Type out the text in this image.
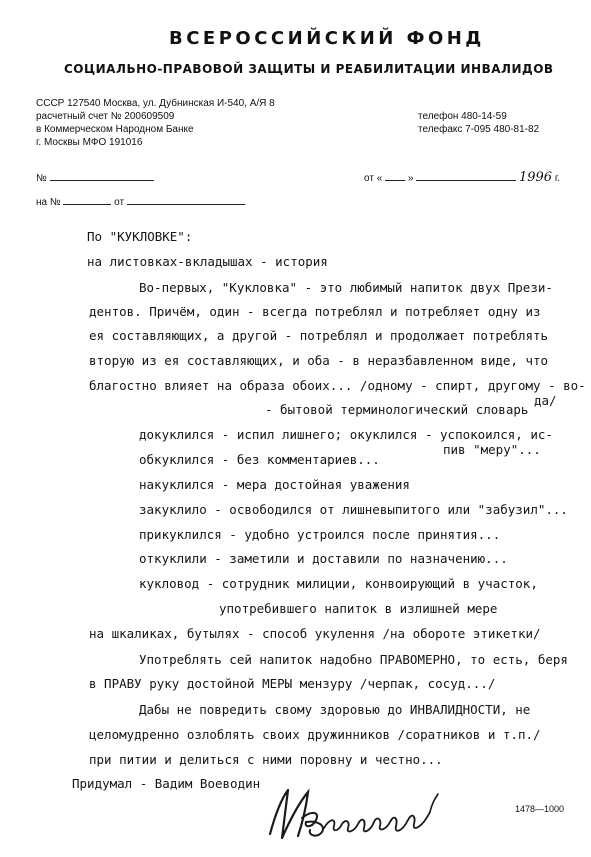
ВСЕРОССИЙСКИЙ ФОНД
СОЦИАЛЬНО-ПРАВОВОЙ ЗАЩИТЫ И РЕАБИЛИТАЦИИ ИНВАЛИДОВ
СССР 127540 Москва, ул. Дубнинская И-540, А/Я 8
расчетный счет № 200609509
в Коммерческом Народном Банке
г. Москвы МФО 191016
телефон 480-14-59
телефакс 7-095 480-81-82
№	от «	»	1996 г.
на №	от
По "КУКЛОВКЕ":
на листовках-вкладышах - история
Во-первых, "Кукловка" - это любимый напиток двух Прези-
дентов. Причём, один - всегда потреблял и потребляет одну из
ея составляющих, а другой - потреблял и продолжает потреблять
вторую из ея составляющих, и оба - в неразбавленном виде, что
благостно влияет на образа обоих... /одному - спирт, другому - во-
да/
- бытовой терминологический словарь
докуклился - испил лишнего; окуклился - успокоился, ис-
пив "меру"...
обкуклился - без комментариев...
накуклился - мера достойная уважения
закуклило - освободился от лишневыпитого или "забузил"...
прикуклился - удобно устроился после принятия...
откуклили - заметили и доставили по назначению...
кукловод - сотрудник милиции, конвоирующий в участок,
употребившего напиток в излишней мере
на шкаликах, бутылях - способ укулення /на обороте этикетки/
Употреблять сей напиток надобно ПРАВОМЕРНО, то есть, беря
в ПРАВУ руку достойной МЕРЫ мензуру /черпак, сосуд.../
Дабы не повредить свому здоровью до ИНВАЛИДНОСТИ, не
целомудренно озлоблять своих дружинников /соратников и т.п./
при питии и делиться с ними поровну и честно...
Придумал - Вадим Воеводин
1478—1000
